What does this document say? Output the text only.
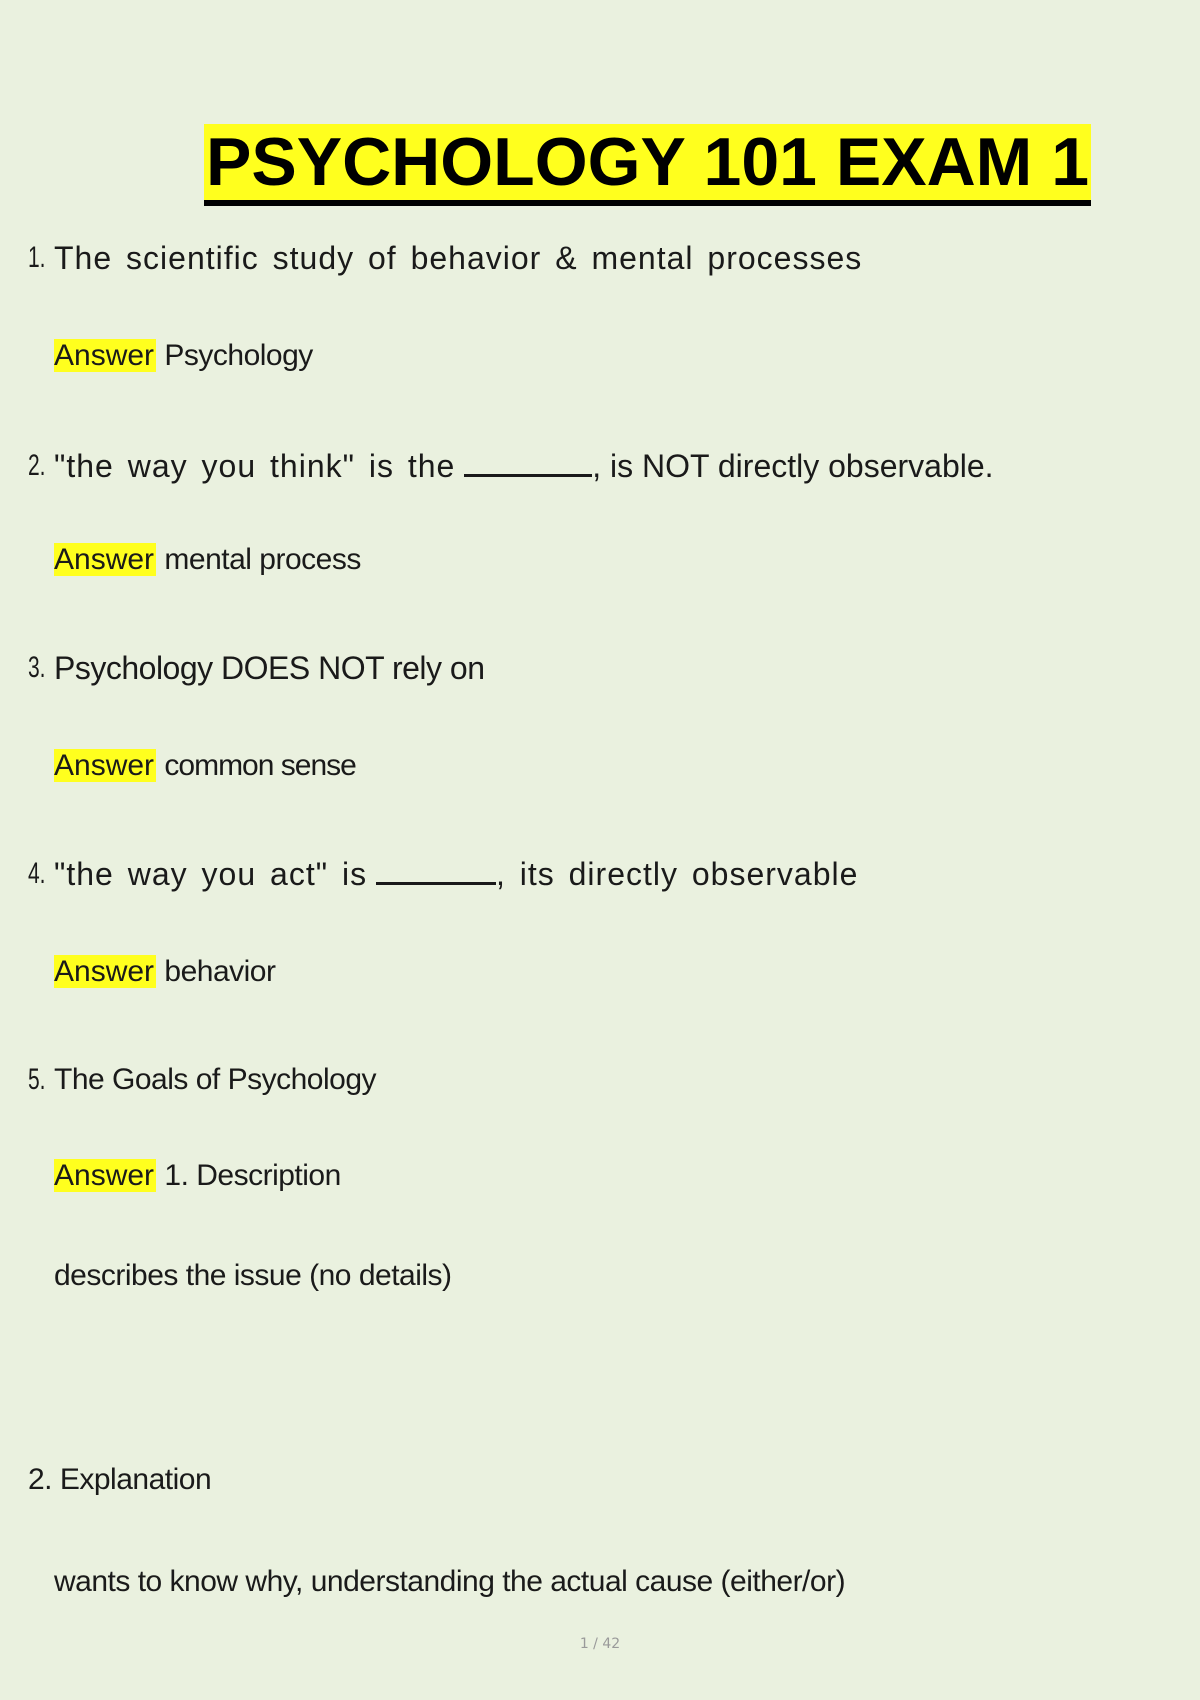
PSYCHOLOGY 101 EXAM 1
1. The scientific study of behavior & mental processes
Answer Psychology
2. "the way you think" is the	, is NOT directly observable.
Answer mental process
3. Psychology DOES NOT rely on
Answer common sense
4. "the way you act" is	, its directly observable
Answer behavior
5. The Goals of Psychology
Answer 1. Description
describes the issue (no details)
2. Explanation
wants to know why, understanding the actual cause (either/or)
1 / 42
